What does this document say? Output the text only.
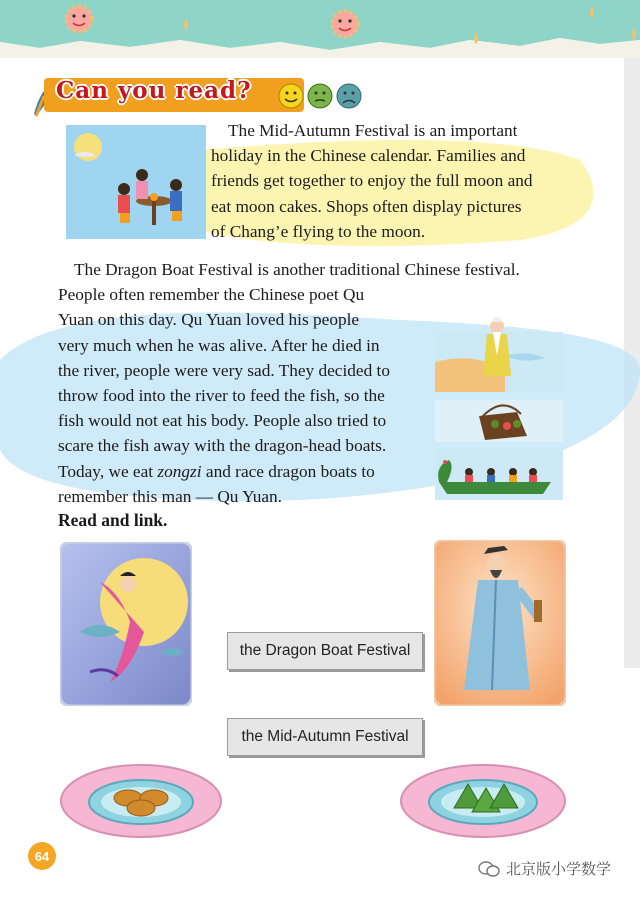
Can you read?
The Mid-Autumn Festival is an important
holiday in the Chinese calendar. Families and
friends get together to enjoy the full moon and
eat moon cakes. Shops often display pictures
of Chang’e flying to the moon.
The Dragon Boat Festival is another traditional Chinese festival.
People often remember the Chinese poet Qu
Yuan on this day. Qu Yuan loved his people
very much when he was alive. After he died in
the river, people were very sad. They decided to
throw food into the river to feed the fish, so the
fish would not eat his body. People also tried to
scare the fish away with the dragon-head boats.
Today, we eat zongzi and race dragon boats to
remember this man — Qu Yuan.
Read and link.
the Dragon Boat Festival
the Mid-Autumn Festival
64
北京版小学数学
